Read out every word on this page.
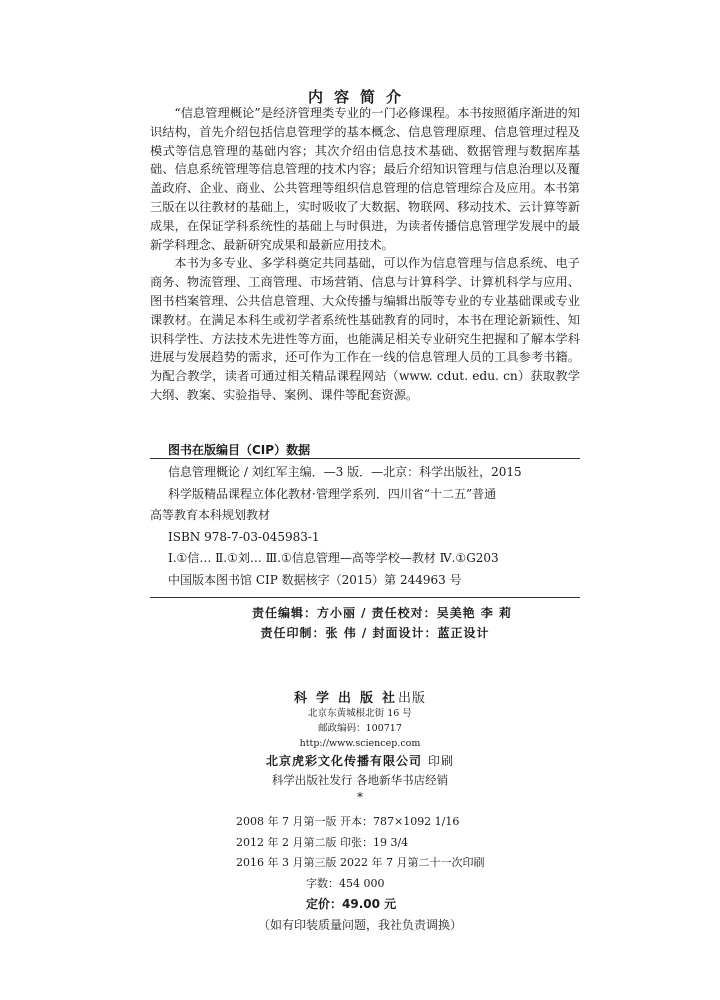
内容简介

“信息管理概论”是经济管理类专业的一门必修课程。本书按照循序渐进的知识结构，首先介绍包括信息管理学的基本概念、信息管理原理、信息管理过程及模式等信息管理的基础内容；其次介绍由信息技术基础、数据管理与数据库基础、信息系统管理等信息管理的技术内容；最后介绍知识管理与信息治理以及覆盖政府、企业、商业、公共管理等组织信息管理的信息管理综合及应用。本书第三版在以往教材的基础上，实时吸收了大数据、物联网、移动技术、云计算等新成果，在保证学科系统性的基础上与时俱进，为读者传播信息管理学发展中的最新学科理念、最新研究成果和最新应用技术。

本书为多专业、多学科奠定共同基础，可以作为信息管理与信息系统、电子商务、物流管理、工商管理、市场营销、信息与计算科学、计算机科学与应用、图书档案管理、公共信息管理、大众传播与编辑出版等专业的专业基础课或专业课教材。在满足本科生或初学者系统性基础教育的同时，本书在理论新颖性、知识科学性、方法技术先进性等方面，也能满足相关专业研究生把握和了解本学科进展与发展趋势的需求，还可作为工作在一线的信息管理人员的工具参考书籍。为配合教学，读者可通过相关精品课程网站（www. cdut. edu. cn）获取教学大纲、教案、实验指导、案例、课件等配套资源。

图书在版编目（CIP）数据
信息管理概论 / 刘红军主编．—3 版．—北京：科学出版社，2015
科学版精品课程立体化教材·管理学系列．四川省“十二五”普通
高等教育本科规划教材
ISBN 978-7-03-045983-1
Ⅰ.①信… Ⅱ.①刘… Ⅲ.①信息管理—高等学校—教材 Ⅳ.①G203
中国版本图书馆 CIP 数据核字（2015）第 244963 号
责任编辑：方小丽 / 责任校对：吴美艳 李 莉
责任印制：张 伟 / 封面设计：蓝正设计
科学出版社出版
北京东黄城根北街 16 号
邮政编码：100717
http://www.sciencep.com
北京虎彩文化传播有限公司 印刷
科学出版社发行 各地新华书店经销
*
2008 年 7 月第一版 开本：787×1092 1/16
2012 年 2 月第二版 印张：19 3/4
2016 年 3 月第三版 2022 年 7 月第二十一次印刷
字数：454 000
定价：49.00 元
（如有印装质量问题，我社负责调换）
